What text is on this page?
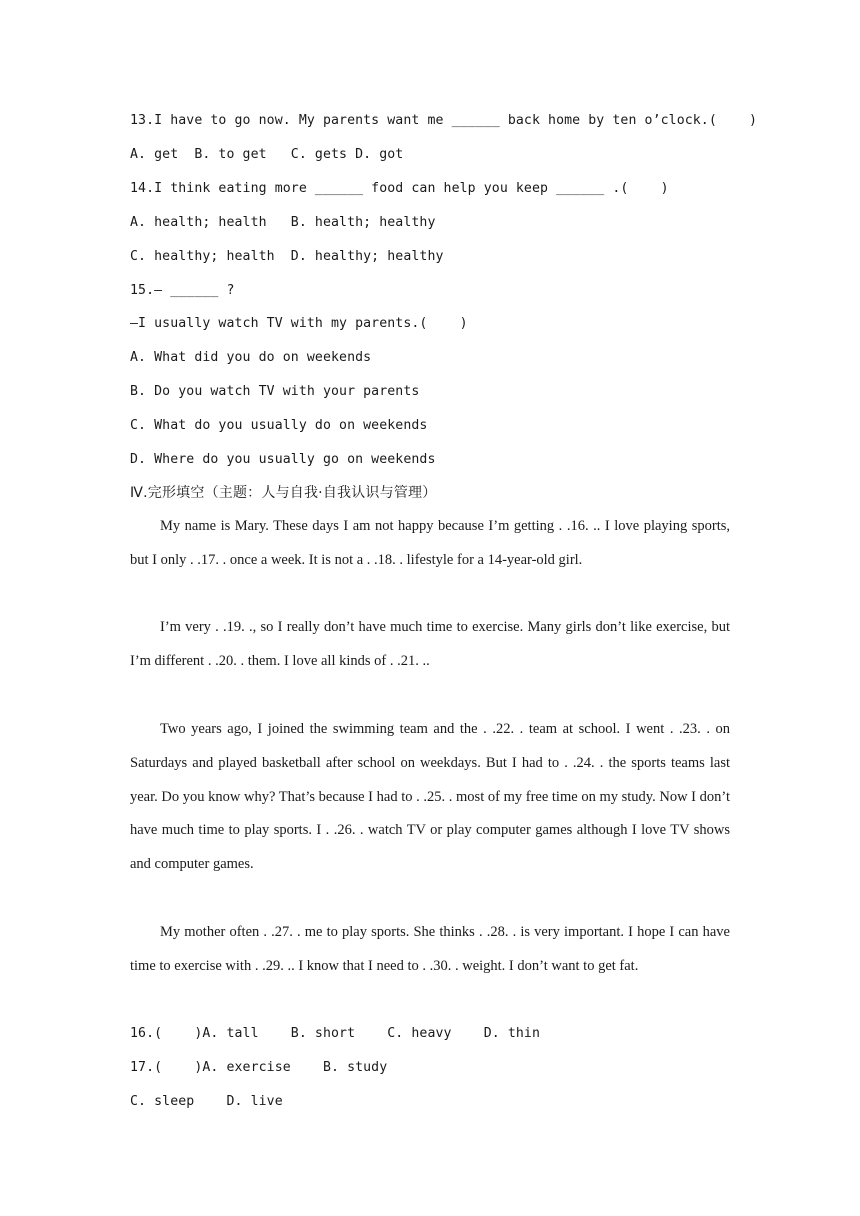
13.I have to go now. My parents want me ______ back home by ten o’clock.(    )
A. get  B. to get   C. gets D. got
14.I think eating more ______ food can help you keep ______ .(    )
A. health; health   B. health; healthy
C. healthy; health  D. healthy; healthy
15.— ______ ?
—I usually watch TV with my parents.(    )
A. What did you do on weekends
B. Do you watch TV with your parents
C. What do you usually do on weekends
D. Where do you usually go on weekends
Ⅳ.完形填空（主题：人与自我·自我认识与管理）

My name is Mary. These days I am not happy because I’m getting . .16. .. I love playing sports, but I only . .17. . once a week. It is not a . .18. . lifestyle for a 14-year-old girl.

I’m very . .19. ., so I really don’t have much time to exercise. Many girls don’t like exercise, but I’m different . .20. . them. I love all kinds of . .21. ..

Two years ago, I joined the swimming team and the . .22. . team at school. I went . .23. . on Saturdays and played basketball after school on weekdays. But I had to . .24. . the sports teams last year. Do you know why? That’s because I had to . .25. . most of my free time on my study. Now I don’t have much time to play sports. I . .26. . watch TV or play computer games although I love TV shows and computer games.

My mother often . .27. . me to play sports. She thinks . .28. . is very important. I hope I can have time to exercise with . .29. .. I know that I need to . .30. . weight. I don’t want to get fat.

16.(    )A. tall    B. short    C. heavy    D. thin
17.(    )A. exercise    B. study
C. sleep    D. live
